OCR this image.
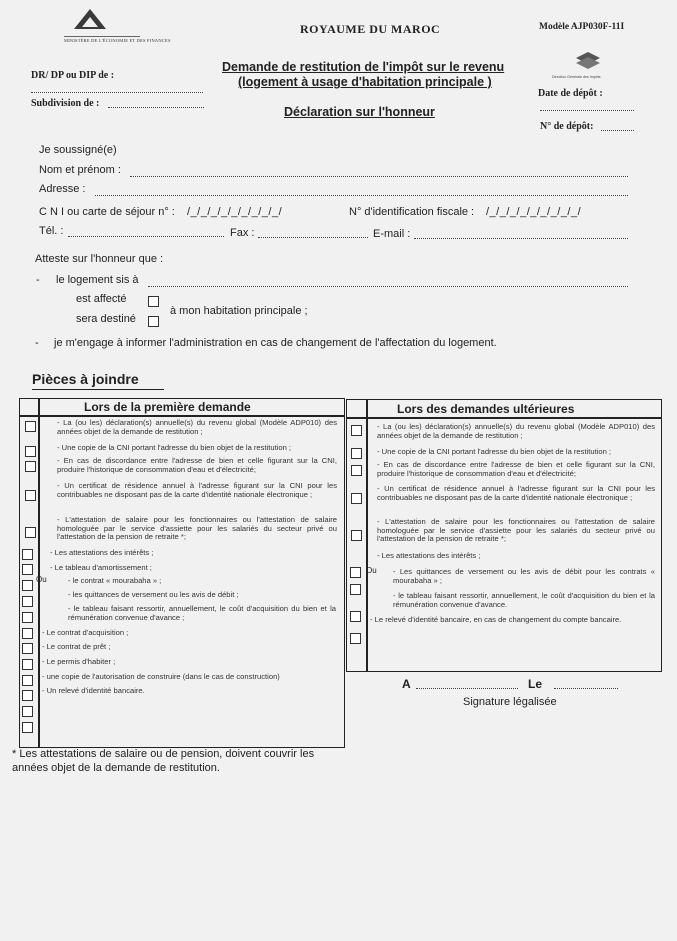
MINISTÈRE DE L'ÉCONOMIE ET DES FINANCES
ROYAUME DU MAROC	Modèle AJP030F-11I
Direction Générale des Impôts
DR/ DP ou DIP de :
Subdivision de :
Demande de restitution de l'impôt sur le revenu
(logement à usage d'habitation principale )
Déclaration sur l'honneur
Date de dépôt :
N° de dépôt:
Je soussigné(e)
Nom et prénom :
Adresse :
C N I ou carte de séjour n° : /_/_/_/_/_/_/_/_/_/	N° d'identification fiscale : /_/_/_/_/_/_/_/_/_/
Tél. :	Fax :	E-mail :
Atteste sur l'honneur que :
- le logement sis à
est affecté
à mon habitation principale ;
sera destiné
- je m'engage à informer l'administration en cas de changement de l'affectation du logement.
Pièces à joindre
Lors de la première demande	Lors des demandes ultérieures
- La (ou les) déclaration(s) annuelle(s) du revenu global (Modèle ADP010) des années objet de la demande de restitution ;
- Une copie de la CNI portant l'adresse du bien objet de la restitution ;
- En cas de discordance entre l'adresse de bien et celle figurant sur la CNI, produire l'historique de consommation d'eau et d'électricité;
- Un certificat de résidence annuel à l'adresse figurant sur la CNI pour les contribuables ne disposant pas de la carte d'identité nationale électronique ;
- L'attestation de salaire pour les fonctionnaires ou l'attestation de salaire homologuée par le service d'assiette pour les salariés du secteur privé ou l'attestation de la pension de retraite *;
- Les attestations des intérêts ;
- Le tableau d'amortissement ;
Ou	- le contrat « mourabaha » ;
- les quittances de versement ou les avis de débit ;
- le tableau faisant ressortir, annuellement, le coût d'acquisition du bien et la rémunération convenue d'avance ;
- Le contrat d'acquisition ;
- Le contrat de prêt ;
- Le permis d'habiter ;
- une copie de l'autorisation de construire (dans le cas de construction)
- Un relevé d'identité bancaire.
- La (ou les) déclaration(s) annuelle(s) du revenu global (Modèle ADP010) des années objet de la demande de restitution ;
- Une copie de la CNI portant l'adresse du bien objet de la restitution ;
- En cas de discordance entre l'adresse de bien et celle figurant sur la CNI, produire l'historique de consommation d'eau et d'électricité;
- Un certificat de résidence annuel à l'adresse figurant sur la CNI pour les contribuables ne disposant pas de la carte d'identité nationale électronique ;
- L'attestation de salaire pour les fonctionnaires ou l'attestation de salaire homologuée par le service d'assiette pour les salariés du secteur privé ou l'attestation de la pension de retraite *;
- Les attestations des intérêts ;
Ou - Les quittances de versement ou les avis de débit pour les contrats « mourabaha » ;
- le tableau faisant ressortir, annuellement, le coût d'acquisition du bien et la rémunération convenue d'avance.
- Le relevé d'identité bancaire, en cas de changement du compte bancaire.
A	Le
Signature légalisée
* Les attestations de salaire ou de pension, doivent couvrir les
années objet de la demande de restitution.
